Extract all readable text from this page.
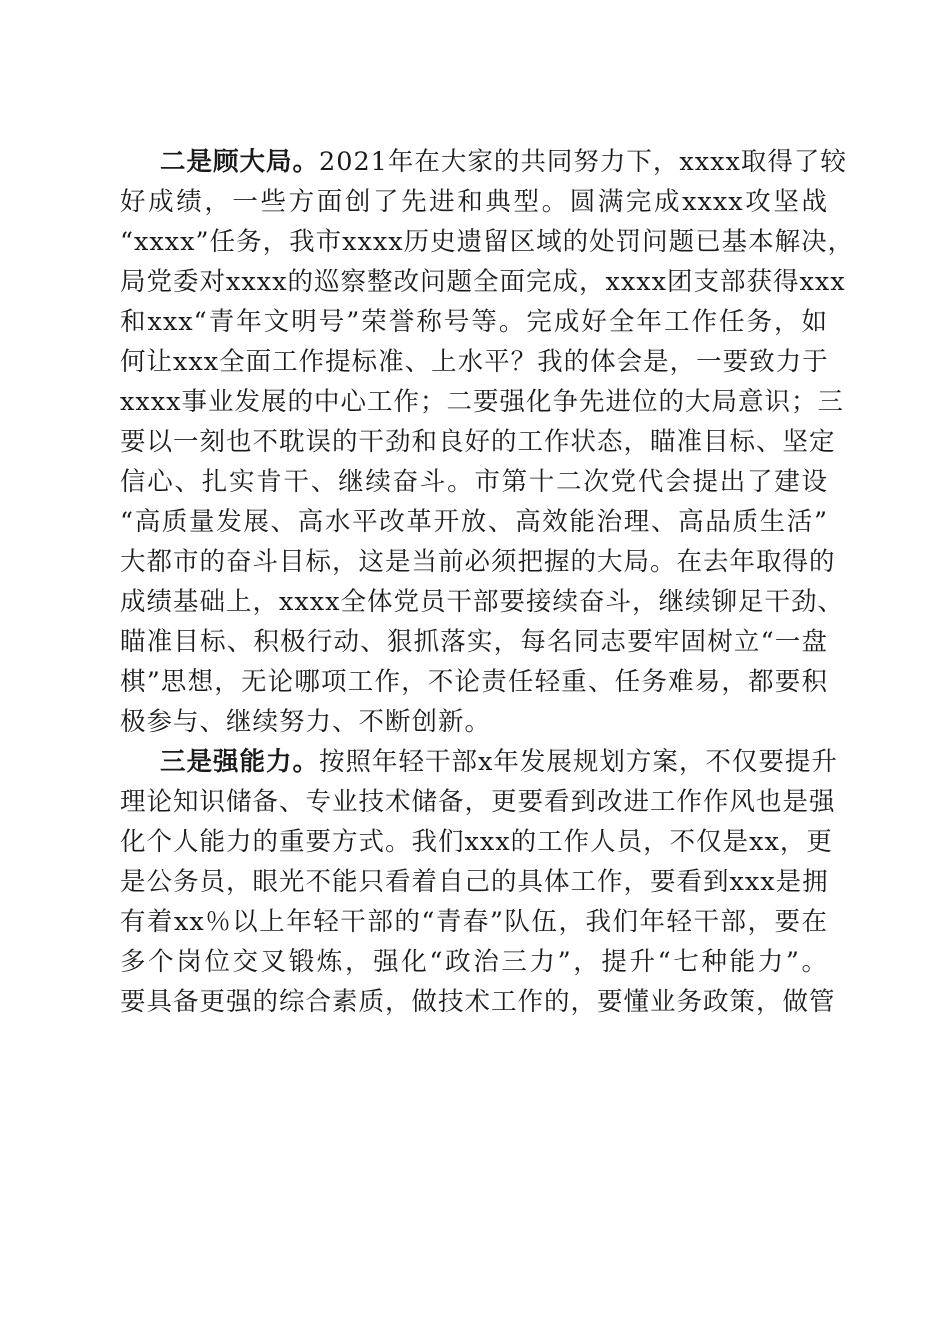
二是顾大局。2021年在大家的共同努力下，xxxx取得了较
好成绩，一些方面创了先进和典型。圆满完成xxxx攻坚战
“xxxx”任务，我市xxxx历史遗留区域的处罚问题已基本解决，
局党委对xxxx的巡察整改问题全面完成，xxxx团支部获得xxx
和xxx“青年文明号”荣誉称号等。完成好全年工作任务，如
何让xxx全面工作提标准、上水平？我的体会是，一要致力于
xxxx事业发展的中心工作；二要强化争先进位的大局意识；三
要以一刻也不耽误的干劲和良好的工作状态，瞄准目标、坚定
信心、扎实肯干、继续奋斗。市第十二次党代会提出了建设
“高质量发展、高水平改革开放、高效能治理、高品质生活”
大都市的奋斗目标，这是当前必须把握的大局。在去年取得的
成绩基础上，xxxx全体党员干部要接续奋斗，继续铆足干劲、
瞄准目标、积极行动、狠抓落实，每名同志要牢固树立“一盘
棋”思想，无论哪项工作，不论责任轻重、任务难易，都要积
极参与、继续努力、不断创新。
三是强能力。按照年轻干部x年发展规划方案，不仅要提升
理论知识储备、专业技术储备，更要看到改进工作作风也是强
化个人能力的重要方式。我们xxx的工作人员，不仅是xx，更
是公务员，眼光不能只看着自己的具体工作，要看到xxx是拥
有着xx％以上年轻干部的“青春”队伍，我们年轻干部，要在
多个岗位交叉锻炼，强化“政治三力”，提升“七种能力”。
要具备更强的综合素质，做技术工作的，要懂业务政策，做管
